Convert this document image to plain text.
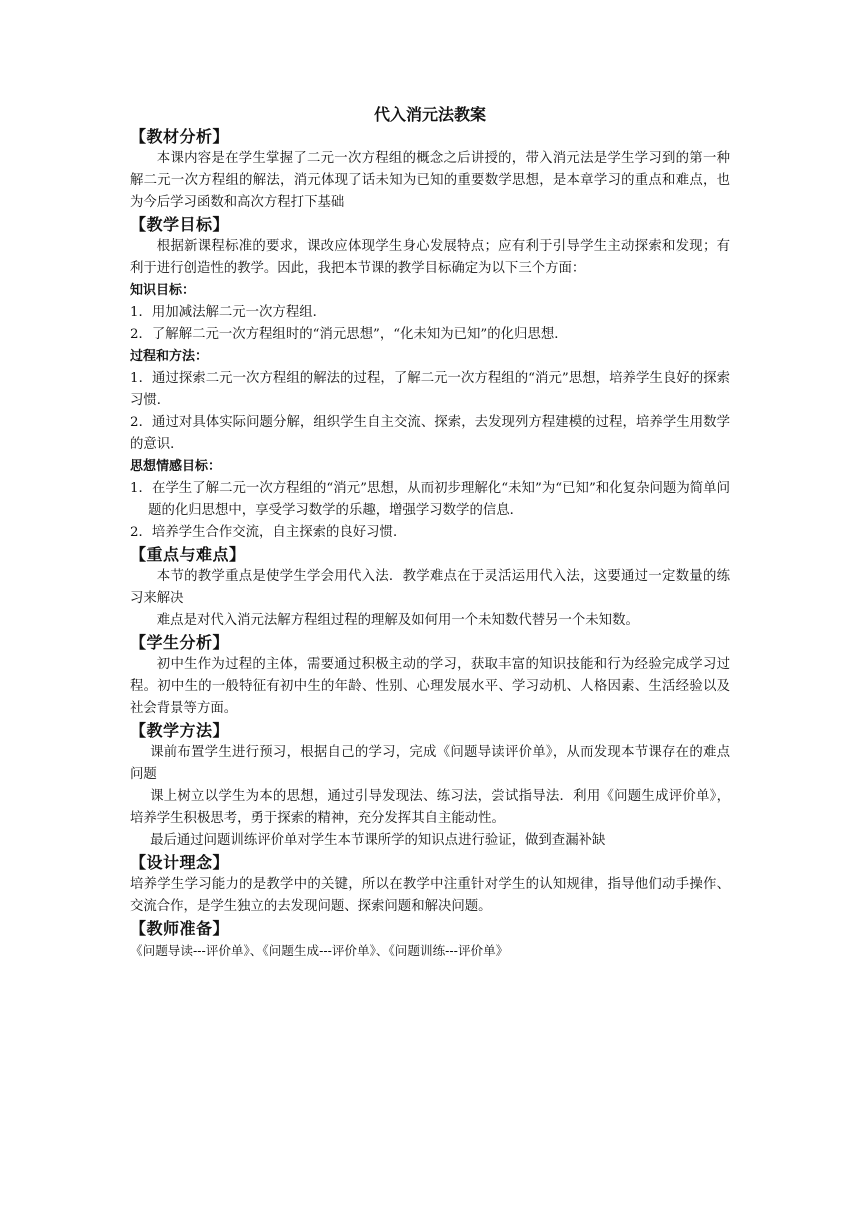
代入消元法教案
【教材分析】

本课内容是在学生掌握了二元一次方程组的概念之后讲授的，带入消元法是学生学习到的第一种解二元一次方程组的解法，消元体现了话未知为已知的重要数学思想，是本章学习的重点和难点，也为今后学习函数和高次方程打下基础

【教学目标】

根据新课程标准的要求，课改应体现学生身心发展特点；应有利于引导学生主动探索和发现；有利于进行创造性的教学。因此，我把本节课的教学目标确定为以下三个方面：

知识目标：

1．用加减法解二元一次方程组．

2．了解解二元一次方程组时的“消元思想”，“化未知为已知”的化归思想．

过程和方法：

1．通过探索二元一次方程组的解法的过程，了解二元一次方程组的“消元”思想，培养学生良好的探索习惯．

2．通过对具体实际问题分解，组织学生自主交流、探索，去发现列方程建模的过程，培养学生用数学的意识．

思想情感目标：

1．在学生了解二元一次方程组的“消元”思想，从而初步理解化“未知”为“已知”和化复杂问题为简单问题的化归思想中，享受学习数学的乐趣，增强学习数学的信息．

2．培养学生合作交流，自主探索的良好习惯．

【重点与难点】

本节的教学重点是使学生学会用代入法．教学难点在于灵活运用代入法，这要通过一定数量的练习来解决

难点是对代入消元法解方程组过程的理解及如何用一个未知数代替另一个未知数。

【学生分析】

初中生作为过程的主体，需要通过积极主动的学习，获取丰富的知识技能和行为经验完成学习过程。初中生的一般特征有初中生的年龄、性别、心理发展水平、学习动机、人格因素、生活经验以及社会背景等方面。

【教学方法】

课前布置学生进行预习，根据自己的学习，完成《问题导读评价单》，从而发现本节课存在的难点问题

课上树立以学生为本的思想，通过引导发现法、练习法，尝试指导法．利用《问题生成评价单》，培养学生积极思考，勇于探索的精神，充分发挥其自主能动性。

最后通过问题训练评价单对学生本节课所学的知识点进行验证，做到查漏补缺

【设计理念】

培养学生学习能力的是教学中的关键，所以在教学中注重针对学生的认知规律，指导他们动手操作、交流合作，是学生独立的去发现问题、探索问题和解决问题。

【教师准备】

《问题导读---评价单》、《问题生成---评价单》、《问题训练---评价单》
